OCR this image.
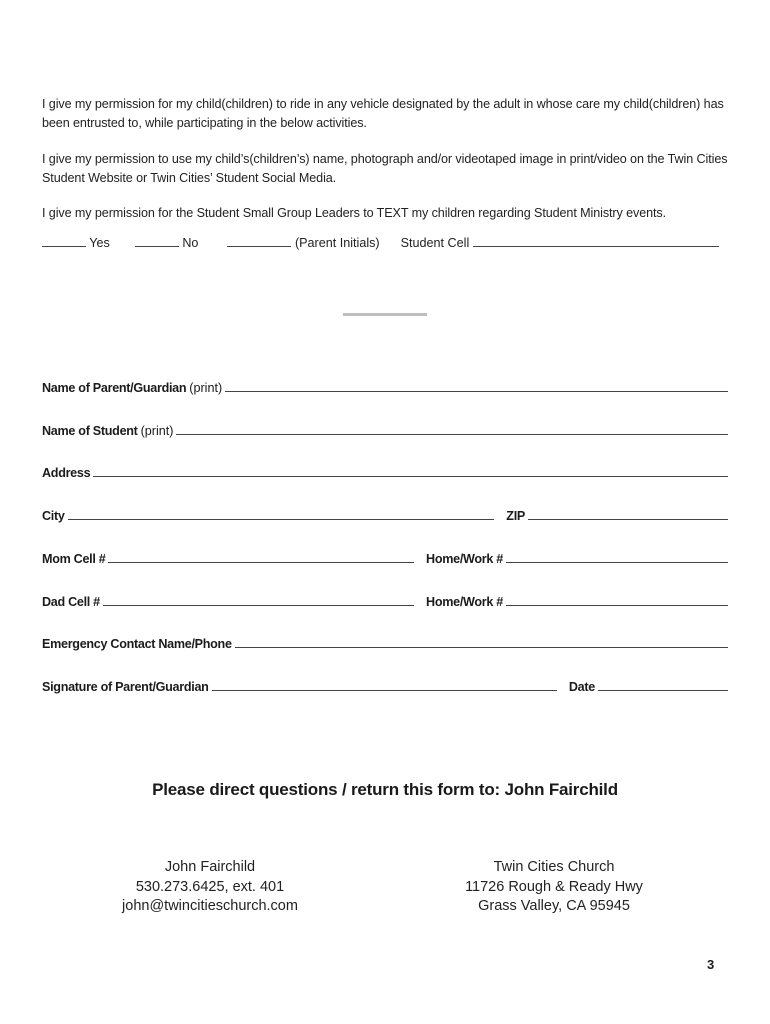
I give my permission for my child(children) to ride in any vehicle designated by the adult in whose care my child(children) has been entrusted to, while participating in the below activities.
I give my permission to use my child’s(children’s) name, photograph and/or videotaped image in print/video on the Twin Cities Student Website or Twin Cities’ Student Social Media.
I give my permission for the Student Small Group Leaders to TEXT my children regarding Student Ministry events.
Yes	No	(Parent Initials) Student Cell
Name of Parent/Guardian (print)
Name of Student (print)
Address
City	ZIP
Mom Cell #	Home/Work #
Dad Cell #	Home/Work #
Emergency Contact Name/Phone
Signature of Parent/Guardian	Date
Please direct questions / return this form to: John Fairchild
John Fairchild
530.273.6425, ext. 401
john@twincitieschurch.com
Twin Cities Church
11726 Rough & Ready Hwy
Grass Valley, CA 95945
3
